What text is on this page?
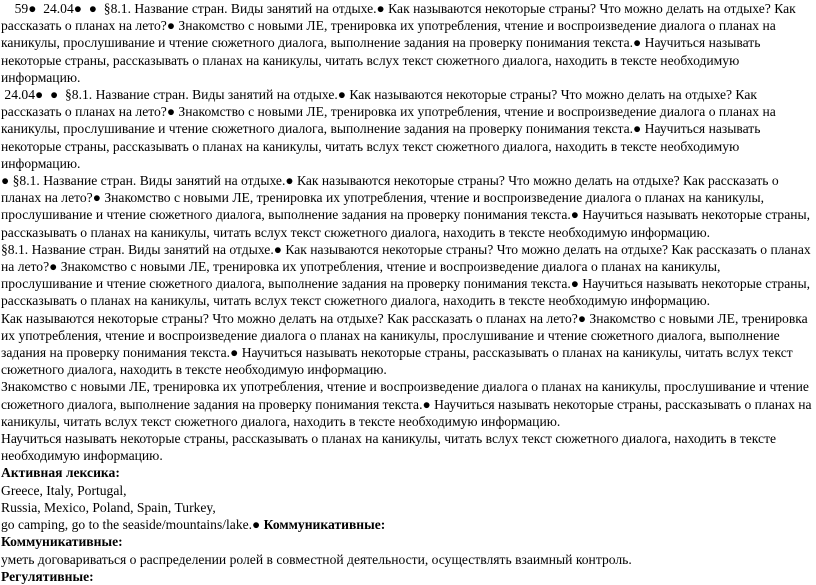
59●  24.04●  ●  §8.1. Название стран. Виды занятий на отдыхе.● Как называются некоторые страны? Что можно делать на отдыхе? Как рассказать о планах на лето?● Знакомство с новыми ЛЕ, тренировка их употребления, чтение и воспроизведение диалога о планах на каникулы, прослушивание и чтение сюжетного диалога, выполнение задания на проверку понимания текста.● Научиться называть некоторые страны, рассказывать о планах на каникулы, читать вслух текст сюжетного диалога, находить в тексте необходимую информацию.

24.04●  ●  §8.1. Название стран. Виды занятий на отдыхе.● Как называются некоторые страны? Что можно делать на отдыхе? Как рассказать о планах на лето?● Знакомство с новыми ЛЕ, тренировка их употребления, чтение и воспроизведение диалога о планах на каникулы, прослушивание и чтение сюжетного диалога, выполнение задания на проверку понимания текста.● Научиться называть некоторые страны, рассказывать о планах на каникулы, читать вслух текст сюжетного диалога, находить в тексте необходимую информацию.

● §8.1. Название стран. Виды занятий на отдыхе.● Как называются некоторые страны? Что можно делать на отдыхе? Как рассказать о планах на лето?● Знакомство с новыми ЛЕ, тренировка их употребления, чтение и воспроизведение диалога о планах на каникулы, прослушивание и чтение сюжетного диалога, выполнение задания на проверку понимания текста.● Научиться называть некоторые страны, рассказывать о планах на каникулы, читать вслух текст сюжетного диалога, находить в тексте необходимую информацию.

§8.1. Название стран. Виды занятий на отдыхе.● Как называются некоторые страны? Что можно делать на отдыхе? Как рассказать о планах на лето?● Знакомство с новыми ЛЕ, тренировка их употребления, чтение и воспроизведение диалога о планах на каникулы, прослушивание и чтение сюжетного диалога, выполнение задания на проверку понимания текста.● Научиться называть некоторые страны, рассказывать о планах на каникулы, читать вслух текст сюжетного диалога, находить в тексте необходимую информацию.

Как называются некоторые страны? Что можно делать на отдыхе? Как рассказать о планах на лето?● Знакомство с новыми ЛЕ, тренировка их употребления, чтение и воспроизведение диалога о планах на каникулы, прослушивание и чтение сюжетного диалога, выполнение задания на проверку понимания текста.● Научиться называть некоторые страны, рассказывать о планах на каникулы, читать вслух текст сюжетного диалога, находить в тексте необходимую информацию.

Знакомство с новыми ЛЕ, тренировка их употребления, чтение и воспроизведение диалога о планах на каникулы, прослушивание и чтение сюжетного диалога, выполнение задания на проверку понимания текста.● Научиться называть некоторые страны, рассказывать о планах на каникулы, читать вслух текст сюжетного диалога, находить в тексте необходимую информацию.

Научиться называть некоторые страны, рассказывать о планах на каникулы, читать вслух текст сюжетного диалога, находить в тексте необходимую информацию.

Активная лексика:

Greece, Italy, Portugal,

Russia, Mexico, Poland, Spain, Turkey,

go camping, go to the seaside/mountains/lake.● Коммуникативные:

Коммуникативные:

уметь договариваться о распределении ролей в совместной деятельности, осуществлять взаимный контроль.

Регулятивные:
